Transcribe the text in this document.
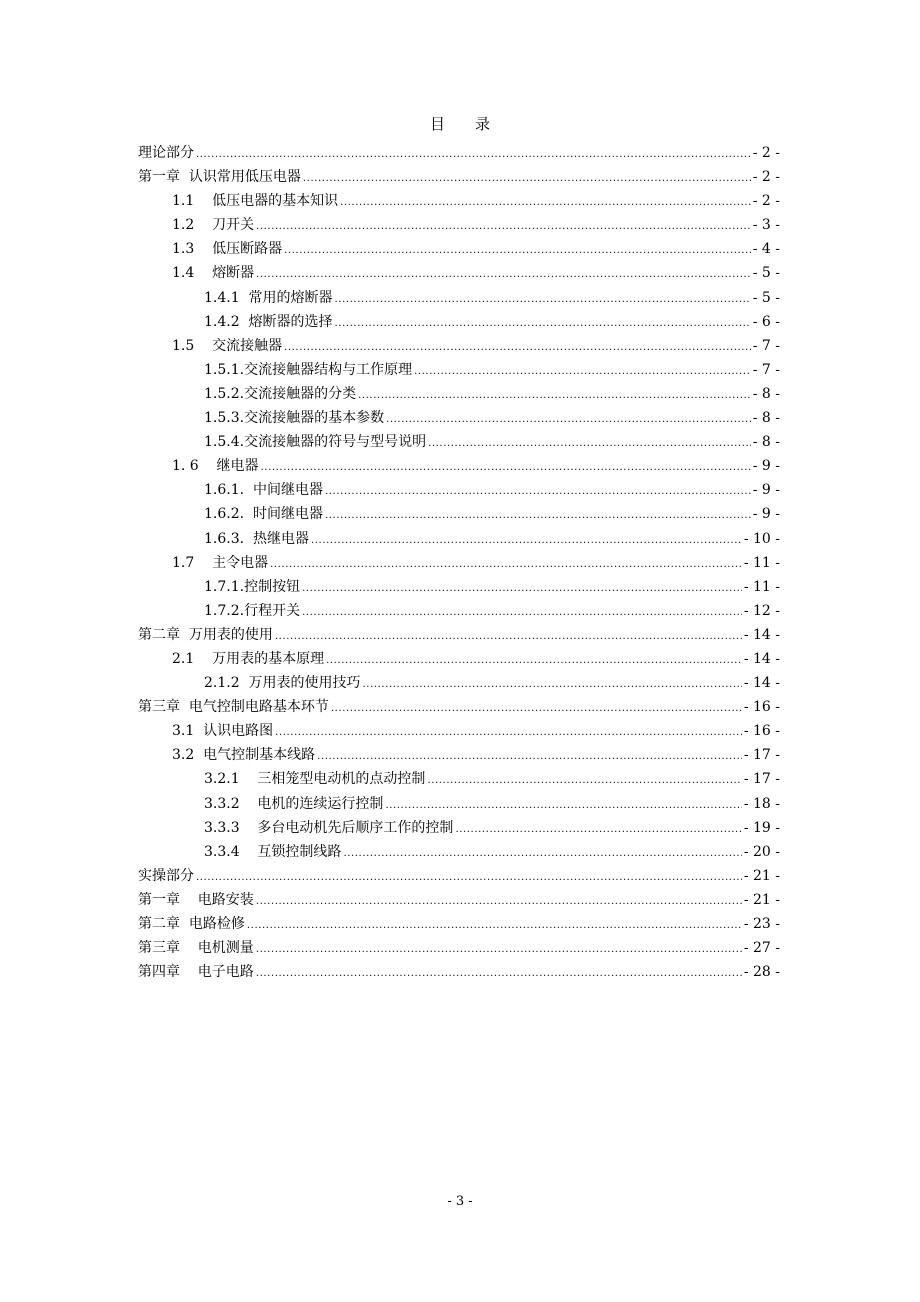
目　　录
理论部分 .....	- 2 -
第一章  认识常用低压电器 .....	- 2 -
1.1 低压电器的基本知识 .....	- 2 -
1.2 刀开关 .....	- 3 -
1.3 低压断路器 .....	- 4 -
1.4 熔断器 .....	- 5 -
1.4.1 常用的熔断器 .....	- 5 -
1.4.2 熔断器的选择 .....	- 6 -
1.5 交流接触器 .....	- 7 -
1.5.1. 交流接触器结构与工作原理 .....	- 7 -
1.5.2. 交流接触器的分类 .....	- 8 -
1.5.3. 交流接触器的基本参数 .....	- 8 -
1.5.4. 交流接触器的符号与型号说明 .....	- 8 -
1. 6 继电器 .....	- 9 -
1.6.1. 中间继电器 .....	- 9 -
1.6.2. 时间继电器 .....	- 9 -
1.6.3. 热继电器 .....	- 10 -
1.7 主令电器 .....	- 11 -
1.7.1. 控制按钮 .....	- 11 -
1.7.2. 行程开关 .....	- 12 -
第二章  万用表的使用 .....	- 14 -
2.1 万用表的基本原理 .....	- 14 -
2.1.2 万用表的使用技巧 .....	- 14 -
第三章  电气控制电路基本环节 .....	- 16 -
3.1 认识电路图 .....	- 16 -
3.2 电气控制基本线路 .....	- 17 -
3.2.1 三相笼型电动机的点动控制 .....	- 17 -
3.3.2 电机的连续运行控制 .....	- 18 -
3.3.3 多台电动机先后顺序工作的控制 .....	- 19 -
3.3.4 互锁控制线路 .....	- 20 -
实操部分 .....	- 21 -
第一章    电路安装 .....	- 21 -
第二章  电路检修 .....	- 23 -
第三章    电机测量 .....	- 27 -
第四章    电子电路 .....	- 28 -
- 3 -
